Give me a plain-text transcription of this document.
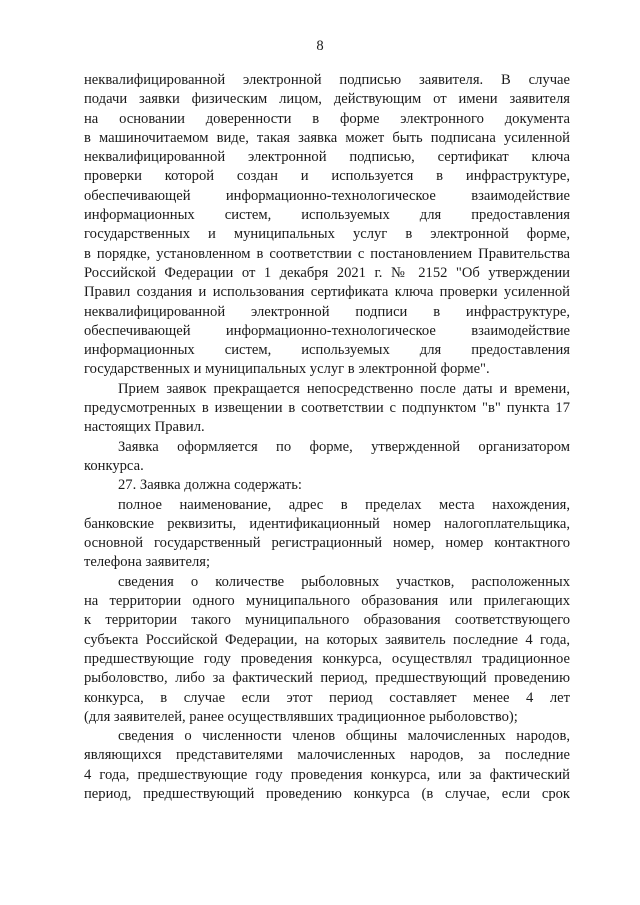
8
неквалифицированной электронной подписью заявителя. В случае
подачи заявки физическим лицом, действующим от имени заявителя
на основании доверенности в форме электронного документа
в машиночитаемом виде, такая заявка может быть подписана усиленной
неквалифицированной электронной подписью, сертификат ключа
проверки которой создан и используется в инфраструктуре,
обеспечивающей информационно-технологическое взаимодействие
информационных систем, используемых для предоставления
государственных и муниципальных услуг в электронной форме,
в порядке, установленном в соответствии с постановлением Правительства
Российской Федерации от 1 декабря 2021 г. № 2152 "Об утверждении
Правил создания и использования сертификата ключа проверки усиленной
неквалифицированной электронной подписи в инфраструктуре,
обеспечивающей информационно-технологическое взаимодействие
информационных систем, используемых для предоставления
государственных и муниципальных услуг в электронной форме".
Прием заявок прекращается непосредственно после даты и времени,
предусмотренных в извещении в соответствии с подпунктом "в" пункта 17
настоящих Правил.
Заявка оформляется по форме, утвержденной организатором
конкурса.
27. Заявка должна содержать:
полное наименование, адрес в пределах места нахождения,
банковские реквизиты, идентификационный номер налогоплательщика,
основной государственный регистрационный номер, номер контактного
телефона заявителя;
сведения о количестве рыболовных участков, расположенных
на территории одного муниципального образования или прилегающих
к территории такого муниципального образования соответствующего
субъекта Российской Федерации, на которых заявитель последние 4 года,
предшествующие году проведения конкурса, осуществлял традиционное
рыболовство, либо за фактический период, предшествующий проведению
конкурса, в случае если этот период составляет менее 4 лет
(для заявителей, ранее осуществлявших традиционное рыболовство);
сведения о численности членов общины малочисленных народов,
являющихся представителями малочисленных народов, за последние
4 года, предшествующие году проведения конкурса, или за фактический
период, предшествующий проведению конкурса (в случае, если срок
